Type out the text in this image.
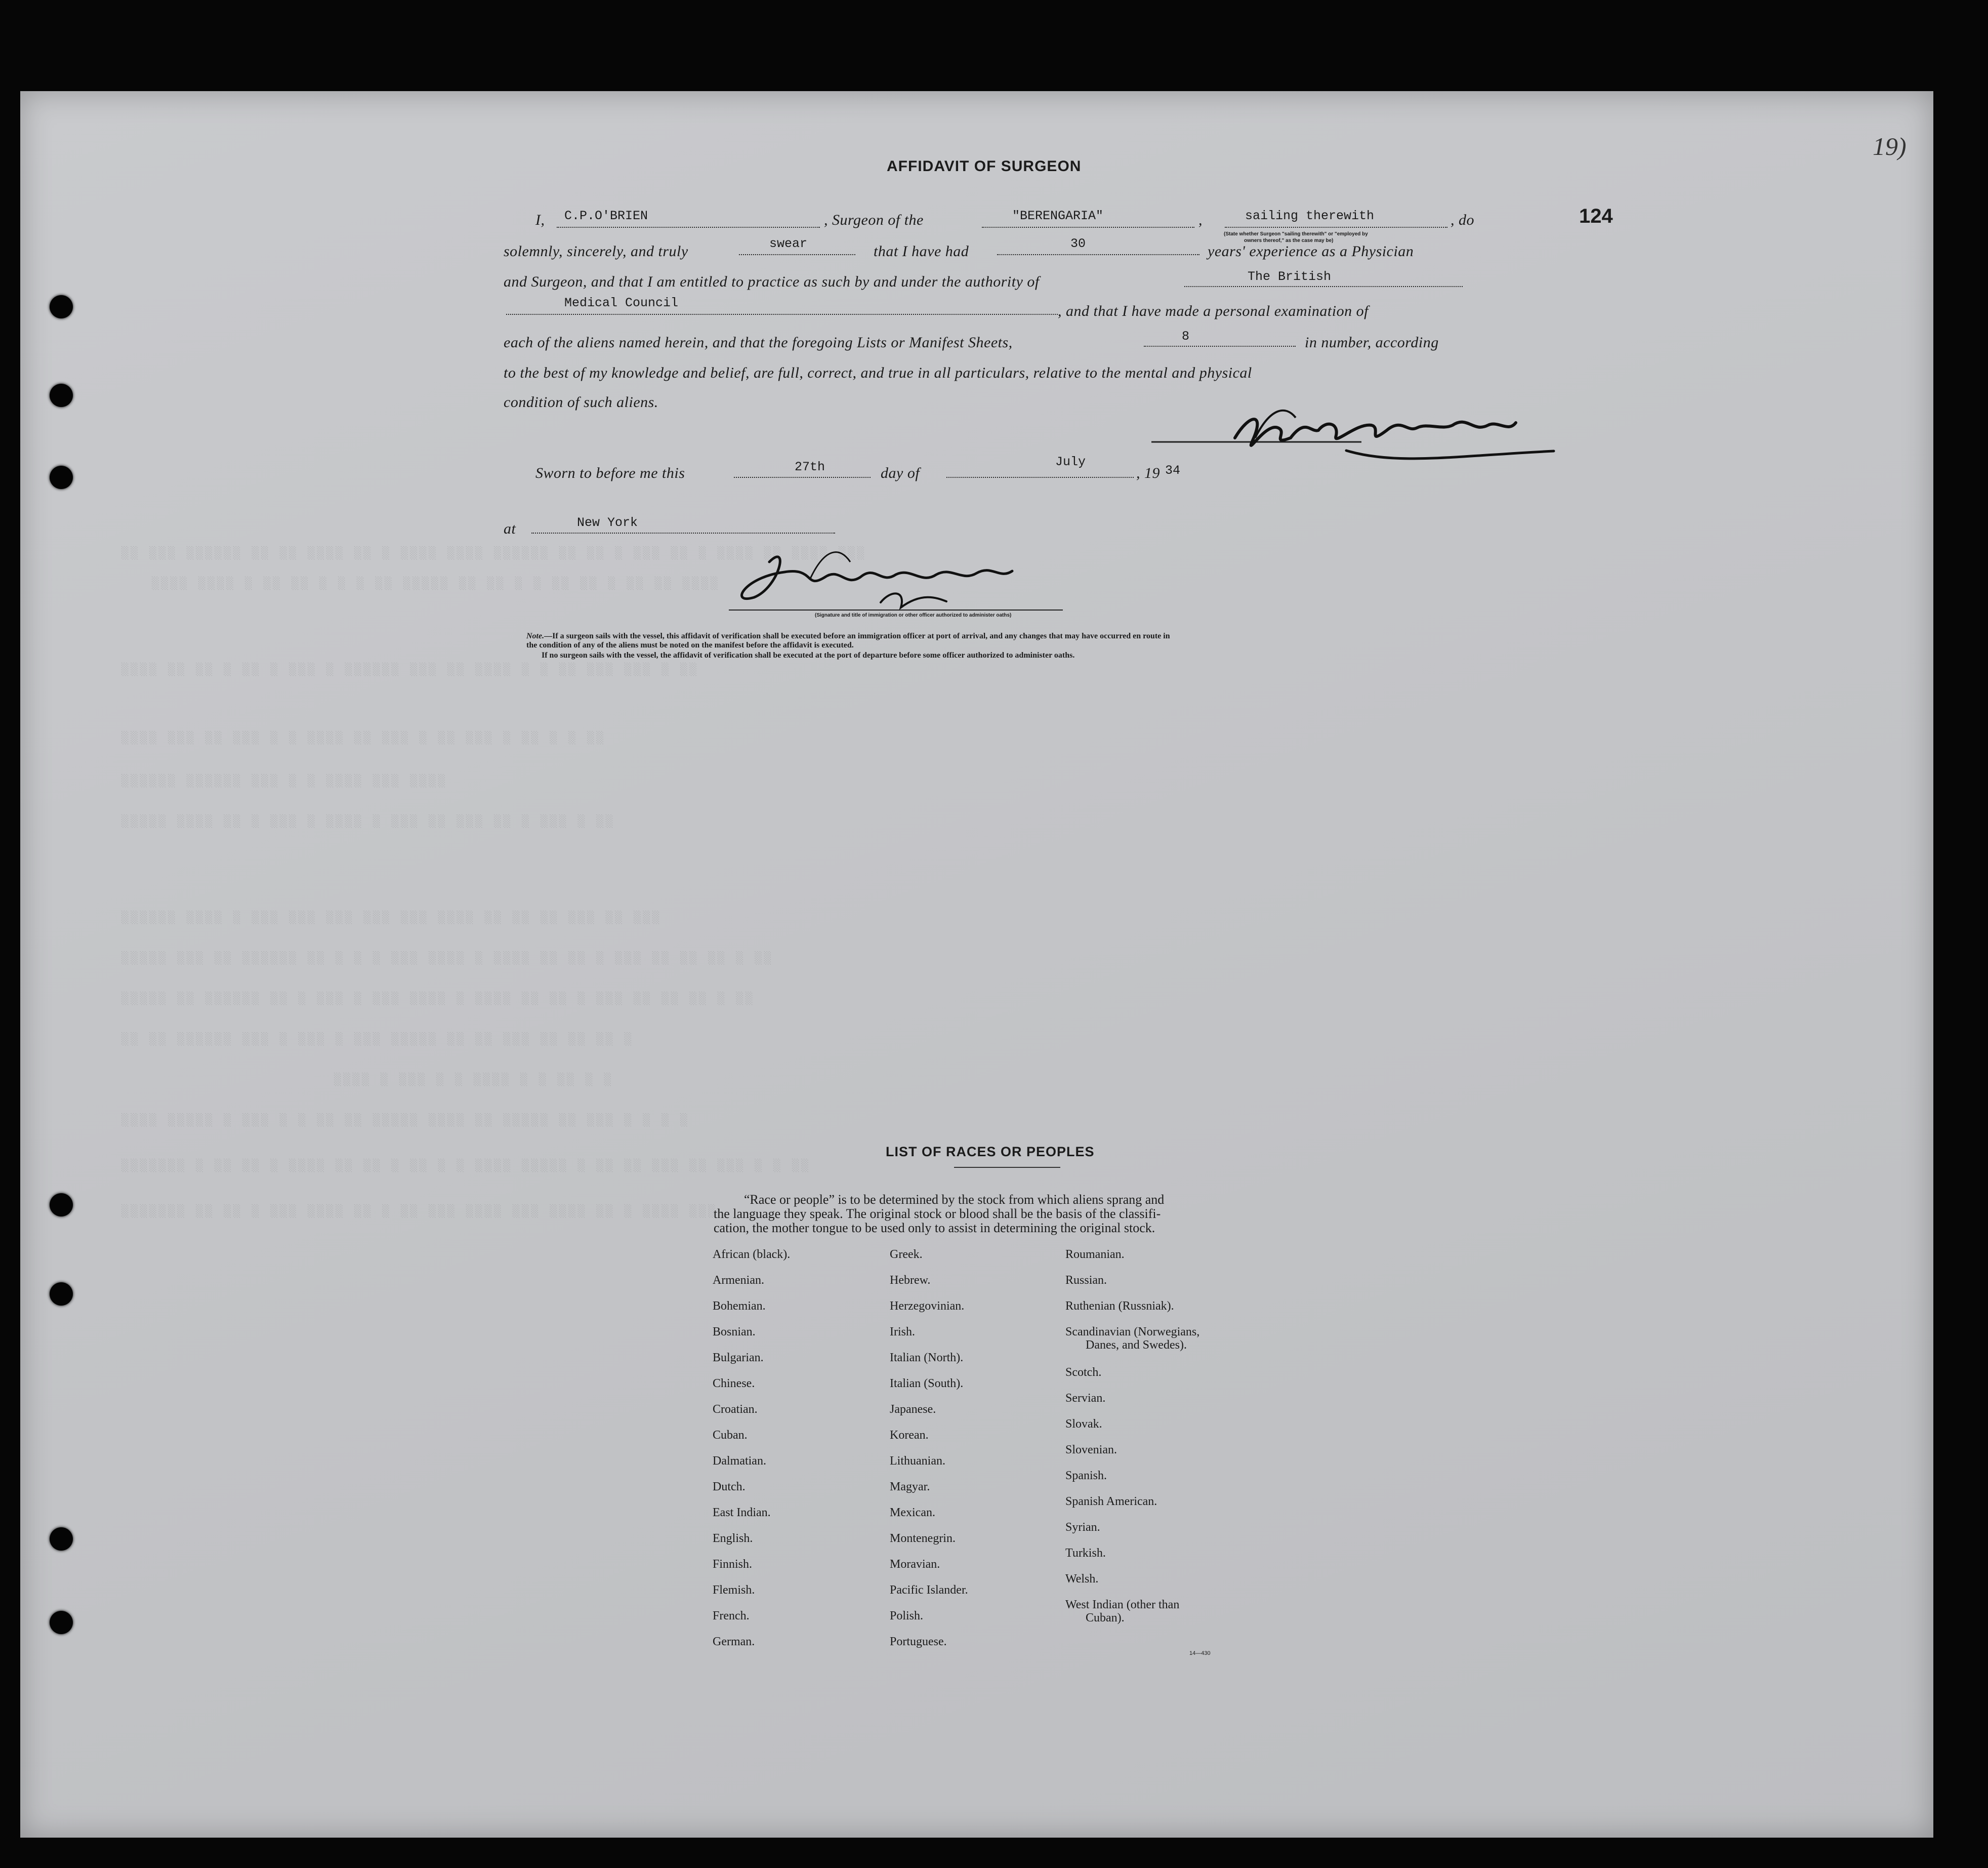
19)
124
░░ ░░░ ░░░░░░ ░░ ░░ ░░░░ ░░ ░ ░░░░ ░░░░ ░░░░░░ ░░ ░░ ░ ░░░ ░░ ░ ░░░░ ░░ ░░░░ ░░░
░░░░ ░░░░ ░ ░░ ░░ ░ ░ ░ ░░ ░░░░░ ░░ ░░ ░ ░ ░░ ░░ ░ ░░ ░░ ░░░░
░░░░ ░░ ░░ ░ ░░ ░ ░░░ ░ ░░░░░░ ░░░ ░░ ░░░░ ░ ░ ░░ ░░░ ░░░ ░ ░░
░░░░ ░░░ ░░ ░░░ ░ ░ ░░░░ ░░ ░░░ ░ ░░ ░░░ ░ ░░ ░ ░ ░░
░░░░░░ ░░░░░░ ░░░ ░ ░ ░░░░ ░░░ ░░░░
░░░░░ ░░░░ ░░ ░ ░░░ ░ ░░░░ ░ ░░░ ░░ ░░░ ░░ ░ ░░░ ░ ░░
░░░░░░ ░░░░ ░ ░░░ ░░░ ░░░ ░░░ ░░░ ░░░░ ░░ ░░ ░░ ░░░ ░░ ░░░
░░░░░ ░░░ ░░ ░░░░░░ ░░ ░ ░ ░ ░░░ ░░░░ ░ ░░░░ ░░ ░░ ░ ░░░ ░░ ░░ ░░ ░ ░░
░░░░░ ░░ ░░░░░░ ░░ ░ ░░░ ░ ░░░ ░░░░ ░ ░░░░ ░░ ░░ ░ ░░░ ░░ ░░ ░░ ░ ░░
░░ ░░ ░░░░░░ ░░░ ░ ░░░ ░ ░░░ ░░░░░ ░░ ░░ ░░░ ░░ ░░ ░░ ░
░░░░ ░ ░░░ ░ ░ ░░░░ ░ ░ ░░ ░ ░
░░░░ ░░░░░ ░ ░░░ ░ ░ ░░ ░░ ░░░░░ ░░░░ ░░ ░░░░░ ░░ ░░░ ░ ░ ░ ░
░░░░░░░ ░ ░░ ░░ ░ ░░░░ ░░ ░░ ░ ░░ ░ ░ ░░░░ ░░░░░ ░ ░░ ░░ ░░░ ░░ ░░░ ░ ░ ░░
░░░░░░░ ░░ ░░ ░ ░░░ ░░░░ ░░ ░ ░░ ░░░ ░░░░ ░░░ ░░░░ ░░ ░ ░░░░ ░░░
AFFIDAVIT OF SURGEON
I, C.P.O'BRIEN	, Surgeon of the	"BERENGARIA"	,	sailing therewith	, do
(State whether Surgeon "sailing therewith" or "employed by
owners thereof," as the case may be)
solemnly, sincerely, and truly	swear	that I have had	30	years' experience as a Physician
and Surgeon, and that I am entitled to practice as such by and under the authority of	The British
Medical Council	, and that I have made a personal examination of
each of the aliens named herein, and that the foregoing Lists or Manifest Sheets,	8	in number, according
to the best of my knowledge and belief, are full, correct, and true in all particulars, relative to the mental and physical
condition of such aliens.
Sworn to before me this	27th	day of
July
, 19 34
at	New York
(Signature and title of immigration or other officer authorized to administer oaths)
Note.—If a surgeon sails with the vessel, this affidavit of verification shall be executed before an immigration officer at port of arrival, and any changes that may have occurred en route in
the condition of any of the aliens must be noted on the manifest before the affidavit is executed.
If no surgeon sails with the vessel, the affidavit of verification shall be executed at the port of departure before some officer authorized to administer oaths.
LIST OF RACES OR PEOPLES
“Race or people” is to be determined by the stock from which aliens sprang and
the language they speak. The original stock or blood shall be the basis of the classifi-
cation, the mother tongue to be used only to assist in determining the original stock.
African (black).
Armenian.
Bohemian.
Bosnian.
Bulgarian.
Chinese.
Croatian.
Cuban.
Dalmatian.
Dutch.
East Indian.
English.
Finnish.
Flemish.
French.
German.
Greek.
Hebrew.
Herzegovinian.
Irish.
Italian (North).
Italian (South).
Japanese.
Korean.
Lithuanian.
Magyar.
Mexican.
Montenegrin.
Moravian.
Pacific Islander.
Polish.
Portuguese.
Roumanian.
Russian.
Ruthenian (Russniak).
Scandinavian (Norwegians,
Danes, and Swedes).
Scotch.
Servian.
Slovak.
Slovenian.
Spanish.
Spanish American.
Syrian.
Turkish.
Welsh.
West Indian (other than
Cuban).
14—430
